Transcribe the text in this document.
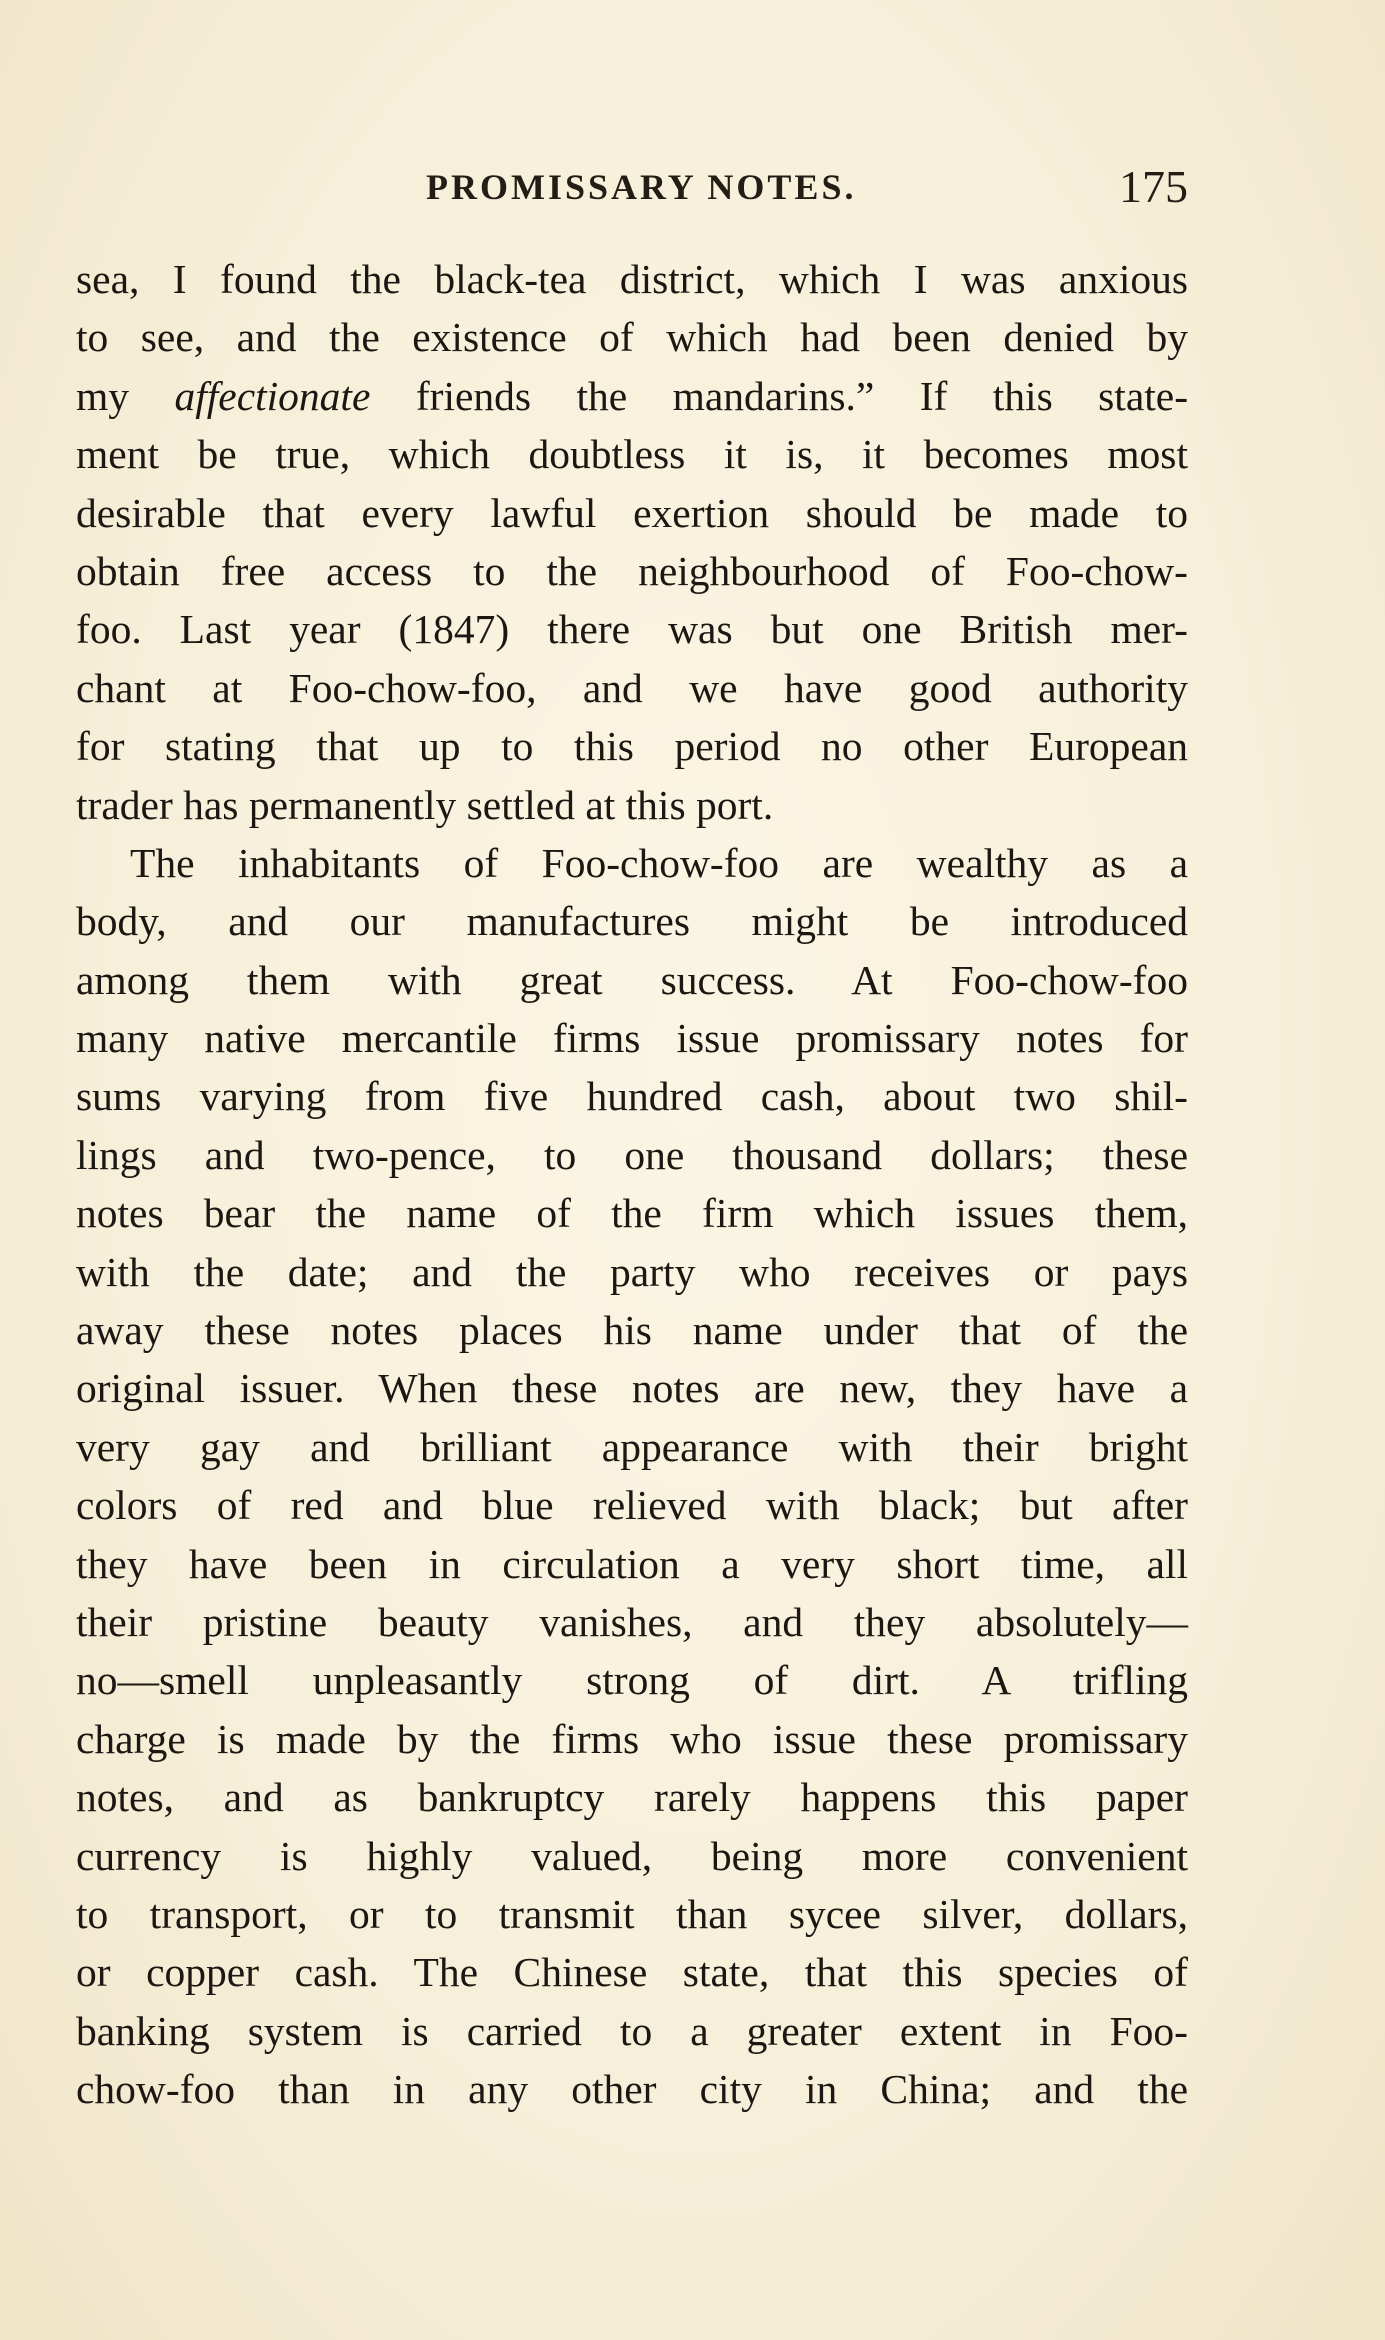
PROMISSARY NOTES.	175
sea, I found the black-tea district, which I was anxious
to see, and the existence of which had been denied by
my affectionate friends the mandarins.” If this state-
ment be true, which doubtless it is, it becomes most
desirable that every lawful exertion should be made to
obtain free access to the neighbourhood of Foo-chow-
foo. Last year (1847) there was but one British mer-
chant at Foo-chow-foo, and we have good authority
for stating that up to this period no other European
trader has permanently settled at this port.
The inhabitants of Foo-chow-foo are wealthy as a
body, and our manufactures might be introduced
among them with great success. At Foo-chow-foo
many native mercantile firms issue promissary notes for
sums varying from five hundred cash, about two shil-
lings and two-pence, to one thousand dollars; these
notes bear the name of the firm which issues them,
with the date; and the party who receives or pays
away these notes places his name under that of the
original issuer. When these notes are new, they have a
very gay and brilliant appearance with their bright
colors of red and blue relieved with black; but after
they have been in circulation a very short time, all
their pristine beauty vanishes, and they absolutely—
no—smell unpleasantly strong of dirt. A trifling
charge is made by the firms who issue these promissary
notes, and as bankruptcy rarely happens this paper
currency is highly valued, being more convenient
to transport, or to transmit than sycee silver, dollars,
or copper cash. The Chinese state, that this species of
banking system is carried to a greater extent in Foo-
chow-foo than in any other city in China; and the
